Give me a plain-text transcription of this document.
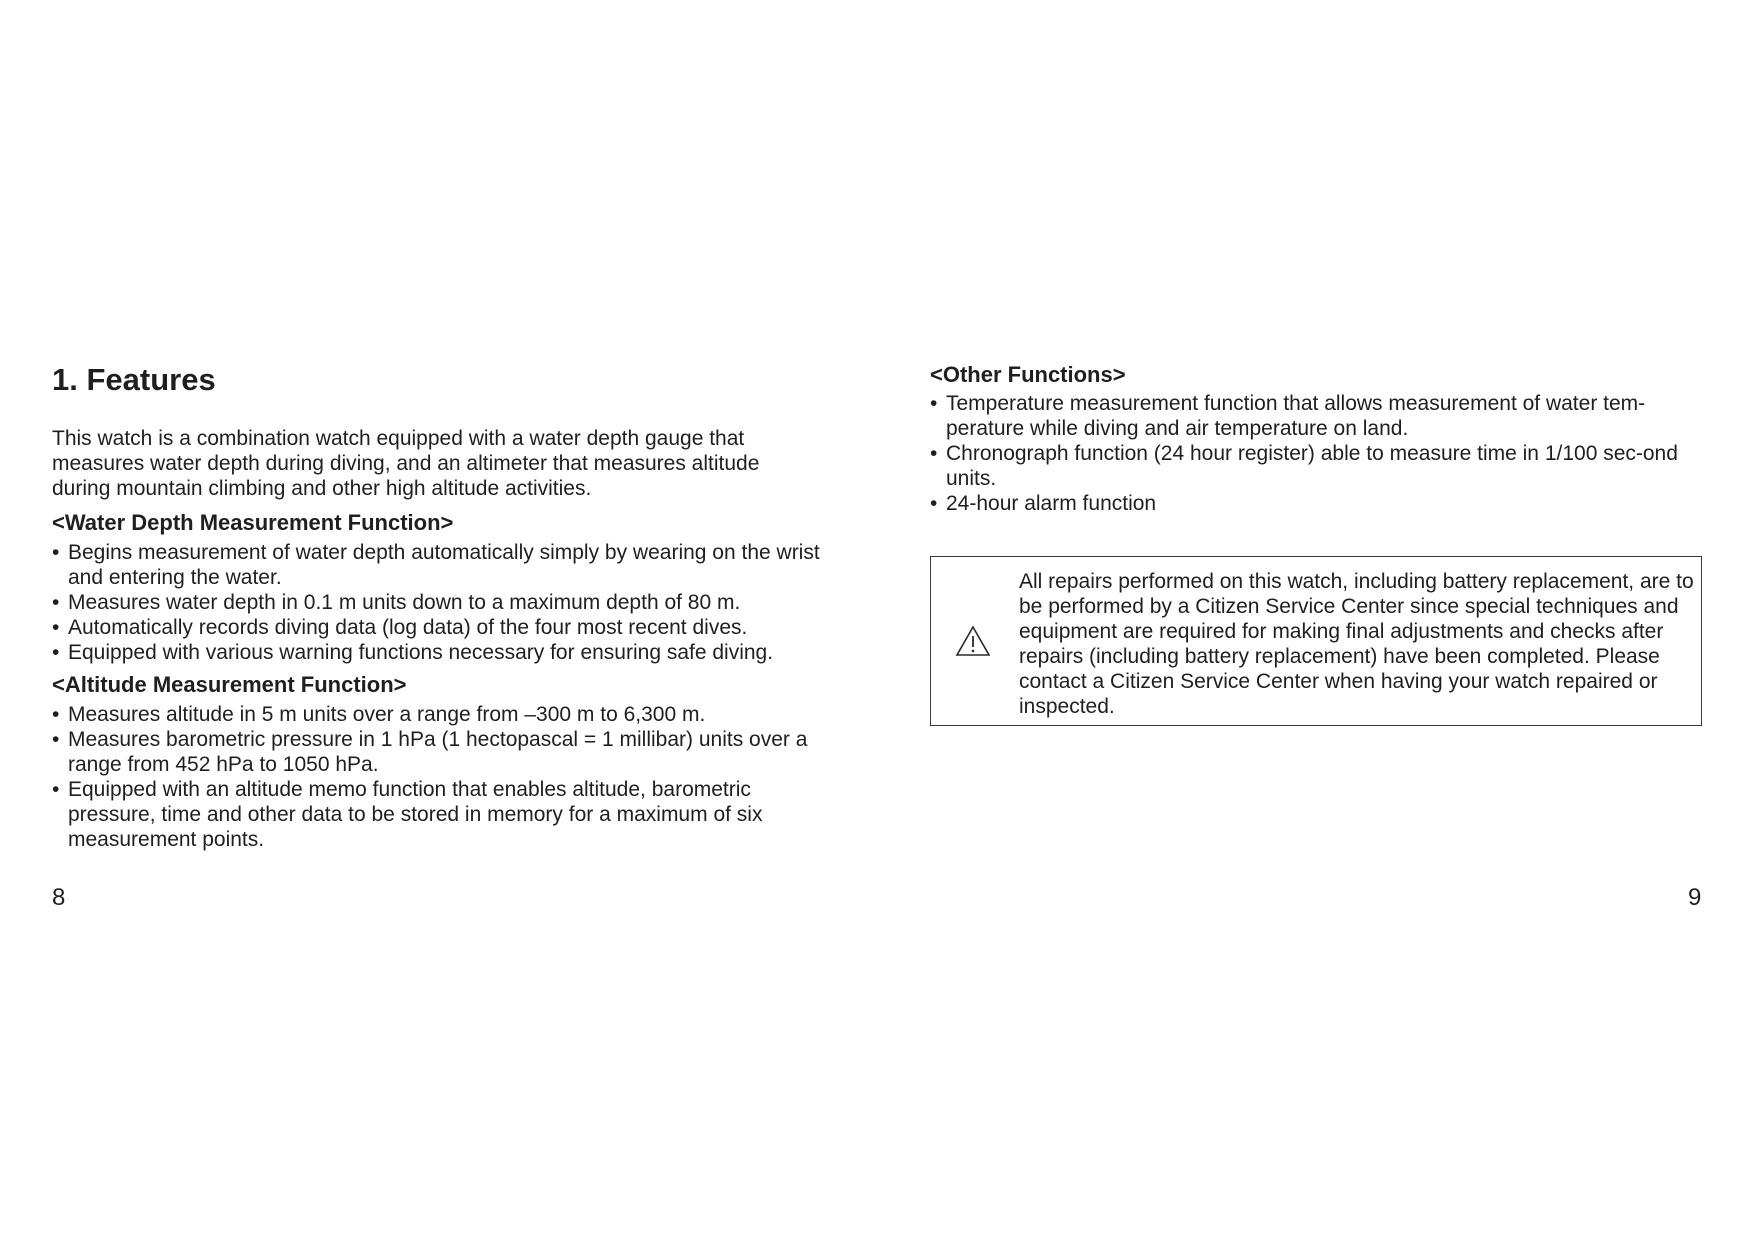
1. Features

This watch is a combination watch equipped with a water depth gauge that measures water depth during diving, and an altimeter that measures altitude during mountain climbing and other high altitude activities.

<Water Depth Measurement Function>
• Begins measurement of water depth automatically simply by wearing on the wrist and entering the water.
• Measures water depth in 0.1 m units down to a maximum depth of 80 m.
• Automatically records diving data (log data) of the four most recent dives.
• Equipped with various warning functions necessary for ensuring safe diving.
<Altitude Measurement Function>
• Measures altitude in 5 m units over a range from –300 m to 6,300 m.
• Measures barometric pressure in 1 hPa (1 hectopascal = 1 millibar) units over a range from 452 hPa to 1050 hPa.
• Equipped with an altitude memo function that enables altitude, barometric pressure, time and other data to be stored in memory for a maximum of six measurement points.
8
<Other Functions>
• Temperature measurement function that allows measurement of water tem-perature while diving and air temperature on land.
• Chronograph function (24 hour register) able to measure time in 1/100 sec-ond units.
• 24-hour alarm function
All repairs performed on this watch, including battery replacement, are to be performed by a Citizen Service Center since special techniques and equipment are required for making final adjustments and checks after repairs (including battery replacement) have been completed. Please contact a Citizen Service Center when having your watch repaired or inspected.
9
